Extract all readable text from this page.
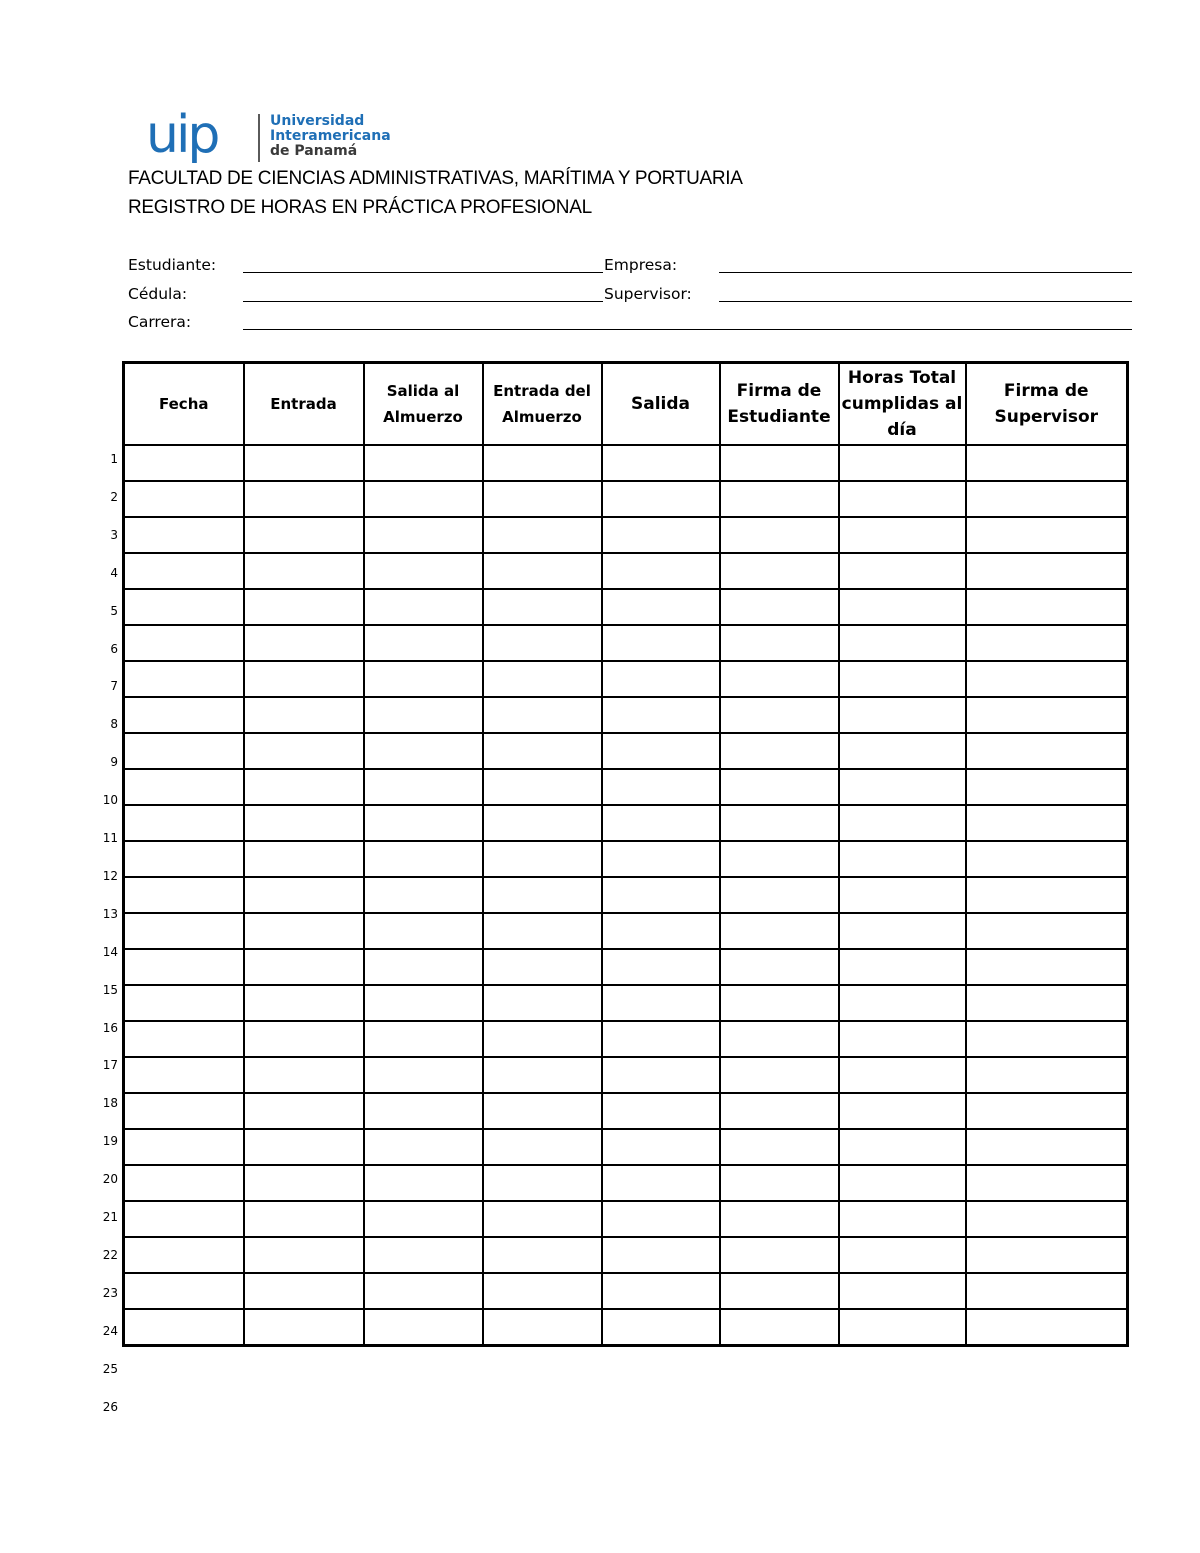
uip	Universidad
Interamericana
de Panamá
FACULTAD DE CIENCIAS ADMINISTRATIVAS, MARÍTIMA Y PORTUARIA
REGISTRO DE HORAS EN PRÁCTICA PROFESIONAL
Estudiante:	Empresa:
Cédula:	Supervisor:
Carrera:
Fecha	Entrada	Salida al Almuerzo	Entrada del Almuerzo	Salida	Firma de Estudiante	Horas Total cumplidas al día	Firma de Supervisor

1
2
3
4
5
6
7
8
9
10
11
12
13
14
15
16
17
18
19
20
21
22
23
24
25
26
